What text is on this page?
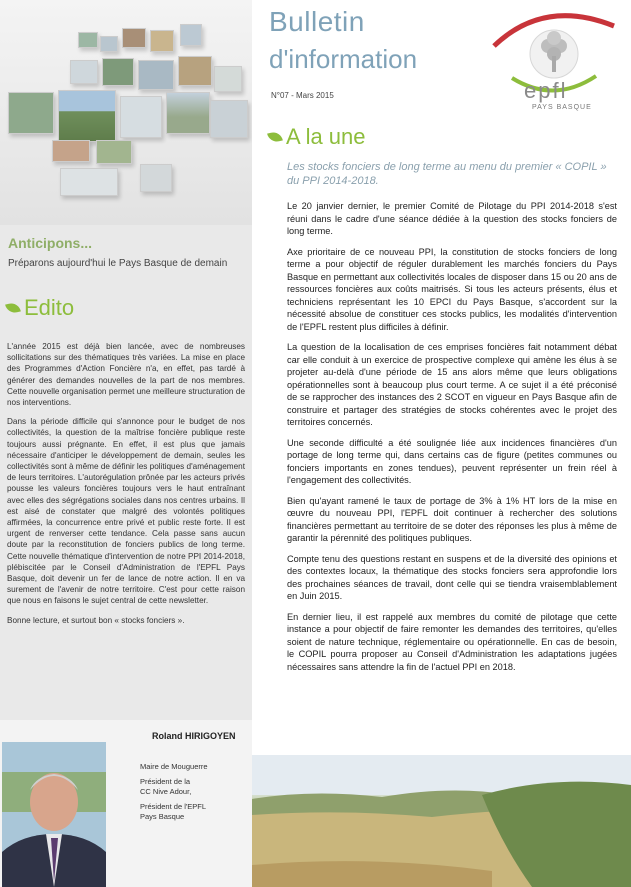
Anticipons...
Préparons aujourd'hui le Pays Basque de demain
Edito

L'année 2015 est déjà bien lancée, avec de nombreuses sollicitations sur des thématiques très variées. La mise en place des Programmes d'Action Foncière n'a, en effet, pas tardé à générer des demandes nouvelles de la part de nos membres. Cette nouvelle organisation permet une meilleure structuration de nos interventions.

Dans la période difficile qui s'annonce pour le budget de nos collectivités, la question de la maîtrise foncière publique reste toujours aussi prégnante. En effet, il est plus que jamais nécessaire d'anticiper le développement de demain, seules les collectivités sont à même de définir les politiques d'aménagement de leurs territoires. L'autorégulation prônée par les acteurs privés pousse les valeurs foncières toujours vers le haut entraînant avec elles des ségrégations sociales dans nos centres urbains. Il est aisé de constater que malgré des volontés politiques affirmées, la concurrence entre privé et public reste forte. Il est urgent de renverser cette tendance. Cela passe sans aucun doute par la reconstitution de fonciers publics de long terme. Cette nouvelle thématique d'intervention de notre PPI 2014-2018, plébiscitée par le Conseil d'Administration de l'EPFL Pays Basque, doit devenir un fer de lance de notre action. Il en va surement de l'avenir de notre territoire. C'est pour cette raison que nous en faisons le sujet central de cette newsletter.

Bonne lecture, et surtout bon « stocks fonciers ».

Roland HIRIGOYEN
Maire de Mouguerre
Président de la
CC Nive Adour,
Président de l'EPFL
Pays Basque
Bulletin
d'information
N°07 - Mars 2015	epfl
PAYS BASQUE
A la une
Les stocks fonciers de long terme au menu du premier « COPIL » du PPI 2014-2018.

Le 20 janvier dernier, le premier Comité de Pilotage du PPI 2014-2018 s'est réuni dans le cadre d'une séance dédiée à la question des stocks fonciers de long terme.

Axe prioritaire de ce nouveau PPI, la constitution de stocks fonciers de long terme a pour objectif de réguler durablement les marchés fonciers du Pays Basque en permettant aux collectivités locales de disposer dans 15 ou 20 ans de ressources foncières aux coûts maitrisés. Si tous les acteurs présents, élus et techniciens représentant les 10 EPCI du Pays Basque, s'accordent sur la nécessité absolue de constituer ces stocks publics, les modalités d'intervention de l'EPFL restent plus difficiles à définir.

La question de la localisation de ces emprises foncières fait notamment débat car elle conduit à un exercice de prospective complexe qui amène les élus à se projeter au-delà d'une période de 15 ans alors même que leurs obligations opérationnelles sont à beaucoup plus court terme. A ce sujet il a été préconisé de se rapprocher des instances des 2 SCOT en vigueur en Pays Basque afin de construire et partager des stratégies de stocks cohérentes avec le projet des territoires concernés.

Une seconde difficulté a été soulignée liée aux incidences financières d'un portage de long terme qui, dans certains cas de figure (petites communes ou fonciers importants en zones tendues), peuvent représenter un frein réel à l'engagement des collectivités.

Bien qu'ayant ramené le taux de portage de 3% à 1% HT lors de la mise en œuvre du nouveau PPI, l'EPFL doit continuer à rechercher des solutions financières permettant au territoire de se doter des réponses les plus à même de garantir la pérennité des politiques publiques.

Compte tenu des questions restant en suspens et de la diversité des opinions et des contextes locaux, la thématique des stocks fonciers sera approfondie lors des prochaines séances de travail, dont celle qui se tiendra vraisemblablement en Juin 2015.

En dernier lieu, il est rappelé aux membres du comité de pilotage que cette instance a pour objectif de faire remonter les demandes des territoires, qu'elles soient de nature technique, réglementaire ou opérationnelle. En cas de besoin, le COPIL pourra proposer au Conseil d'Administration les adaptations jugées nécessaires sans attendre la fin de l'actuel PPI en 2018.
